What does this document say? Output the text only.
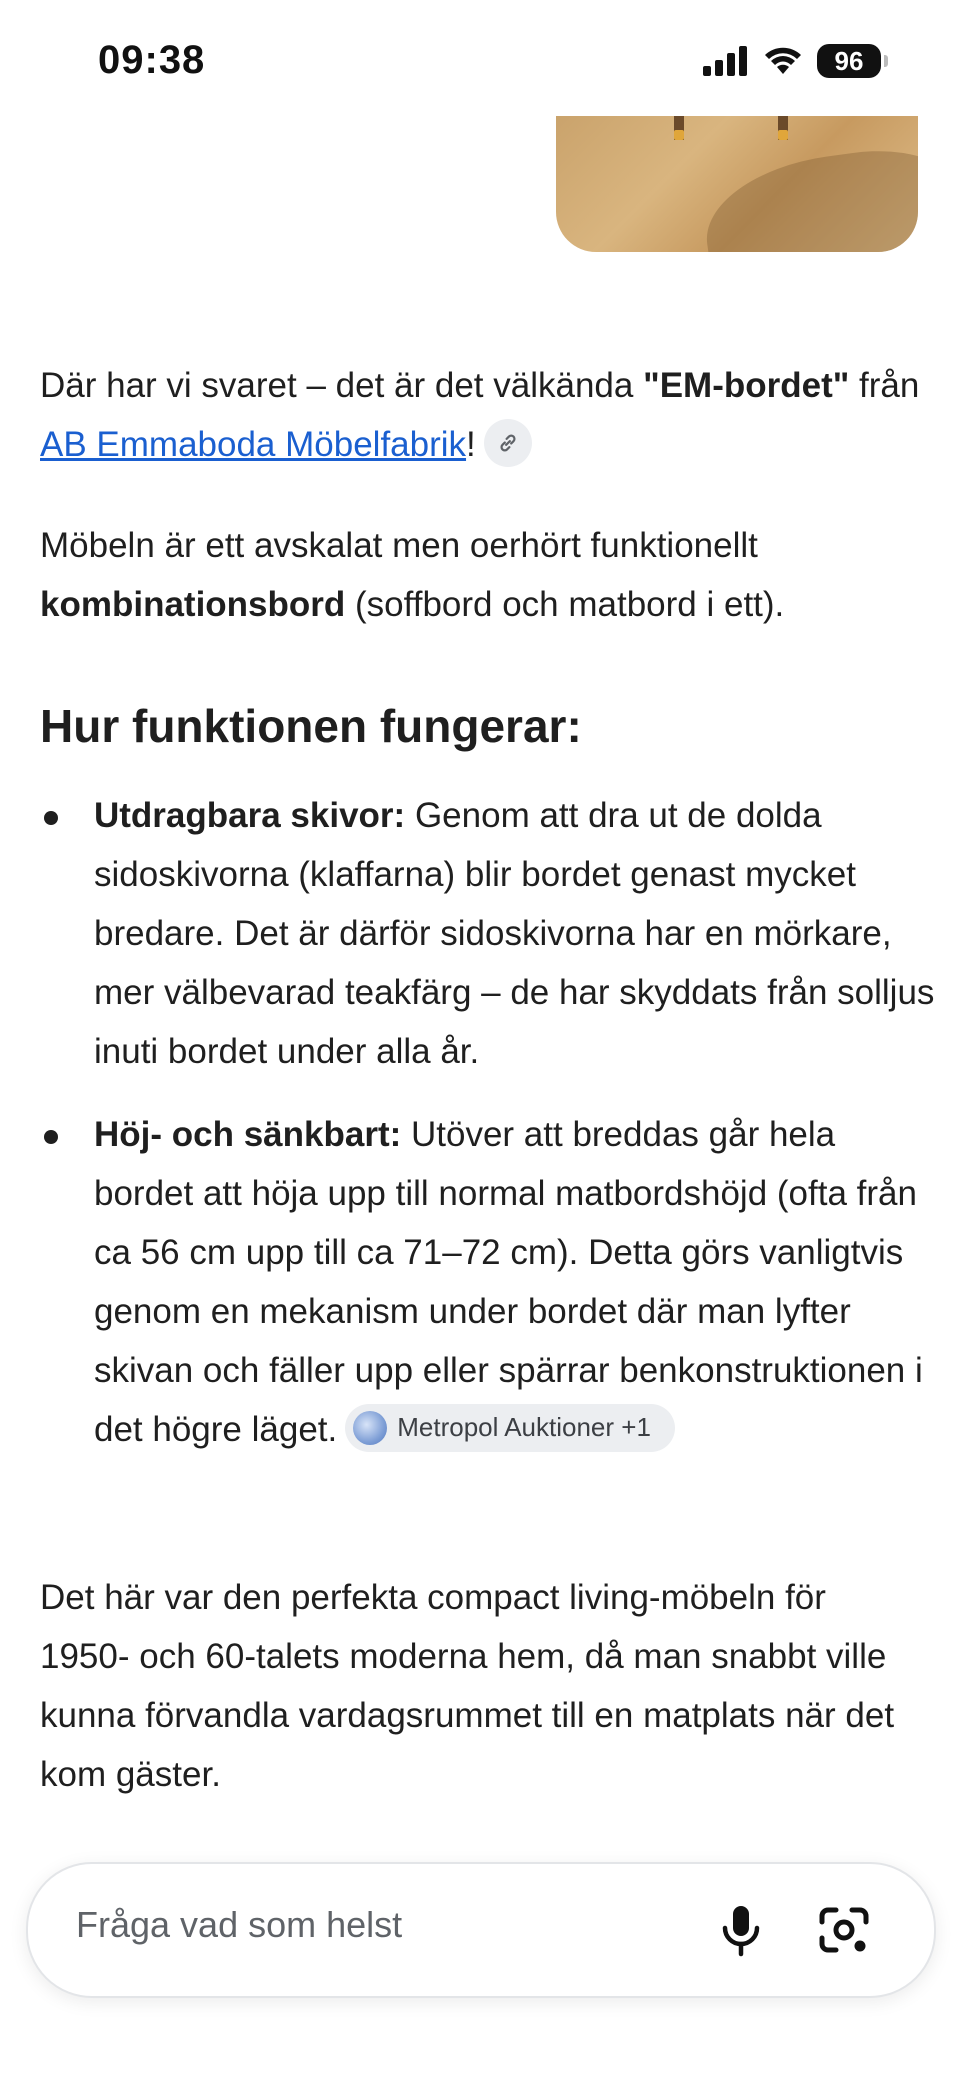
09:38	96

Där har vi svaret – det är det välkända "EM-bordet" från AB Emmaboda Möbelfabrik!

Möbeln är ett avskalat men oerhört funktionellt kombinationsbord (soffbord och matbord i ett).

Hur funktionen fungerar:
Utdragbara skivor: Genom att dra ut de dolda sidoskivorna (klaffarna) blir bordet genast mycket bredare. Det är därför sidoskivorna har en mörkare, mer välbevarad teakfärg – de har skyddats från solljus inuti bordet under alla år.
Höj- och sänkbart: Utöver att breddas går hela bordet att höja upp till normal matbordshöjd (ofta från ca 56 cm upp till ca 71–72 cm). Detta görs vanligtvis genom en mekanism under bordet där man lyfter skivan och fäller upp eller spärrar benkonstruktionen i det högre läget. Metropol Auktioner +1

Det här var den perfekta compact living-möbeln för 1950- och 60-talets moderna hem, då man snabbt ville kunna förvandla vardagsrummet till en matplats när det kom gäster.

Fråga vad som helst
